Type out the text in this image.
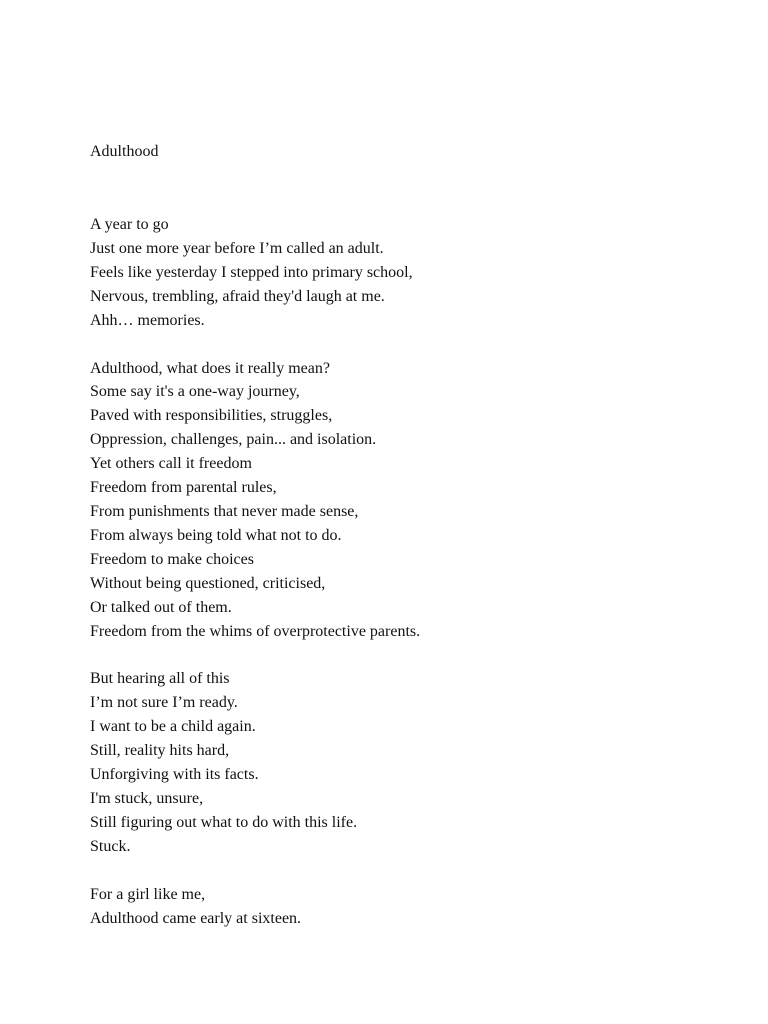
Adulthood
A year to go
Just one more year before I’m called an adult.
Feels like yesterday I stepped into primary school,
Nervous, trembling, afraid they'd laugh at me.
Ahh… memories.
Adulthood, what does it really mean?
Some say it's a one-way journey,
Paved with responsibilities, struggles,
Oppression, challenges, pain... and isolation.
Yet others call it freedom
Freedom from parental rules,
From punishments that never made sense,
From always being told what not to do.
Freedom to make choices
Without being questioned, criticised,
Or talked out of them.
Freedom from the whims of overprotective parents.
But hearing all of this
I’m not sure I’m ready.
I want to be a child again.
Still, reality hits hard,
Unforgiving with its facts.
I'm stuck, unsure,
Still figuring out what to do with this life.
Stuck.
For a girl like me,
Adulthood came early at sixteen.
